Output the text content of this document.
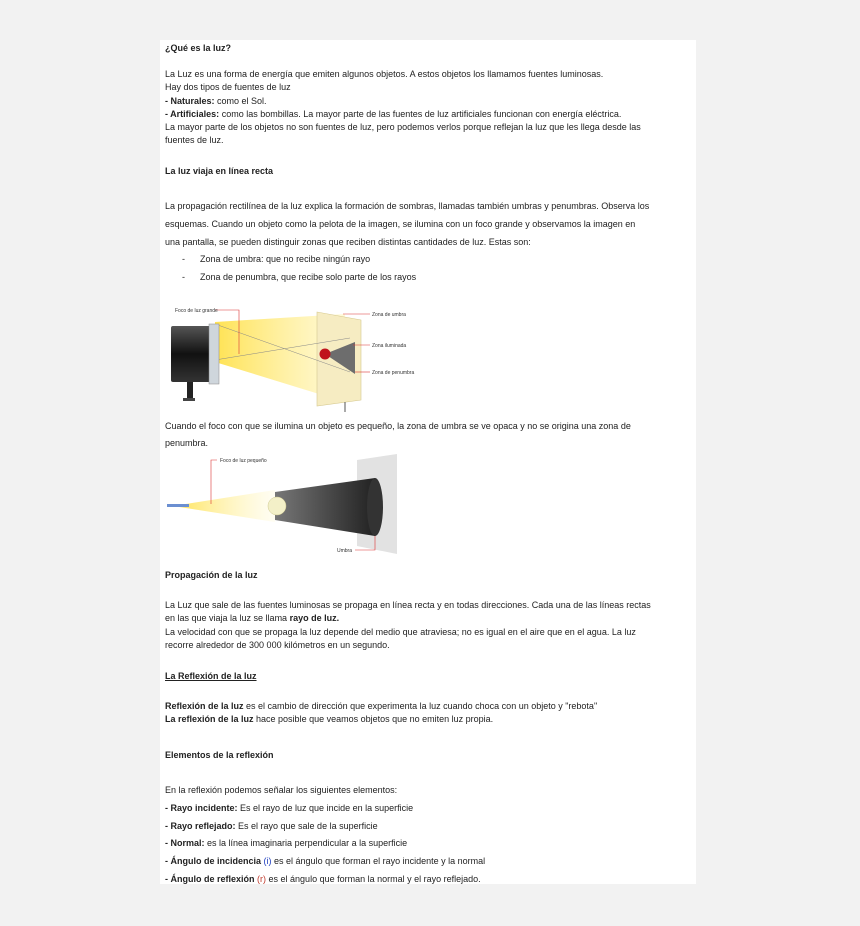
¿Qué es la luz?
La Luz es una forma de energía que emiten algunos objetos. A estos objetos los llamamos fuentes luminosas.
Hay dos tipos de fuentes de luz
- Naturales: como el Sol.
- Artificiales: como las bombillas. La mayor parte de las fuentes de luz artificiales funcionan con energía eléctrica.
La mayor parte de los objetos no son fuentes de luz, pero podemos verlos porque reflejan la luz que les llega desde las
fuentes de luz.
La luz viaja en línea recta
La propagación rectilínea de la luz explica la formación de sombras, llamadas también umbras y penumbras. Observa los
esquemas. Cuando un objeto como la pelota de la imagen, se ilumina con un foco grande y observamos la imagen en
una pantalla, se pueden distinguir zonas que reciben distintas cantidades de luz. Estas son:
- Zona de umbra: que no recibe ningún rayo
- Zona de penumbra, que recibe solo parte de los rayos
Foco de luz grande
Zona de umbra
Zona iluminada
Zona de penumbra
Cuando el foco con que se ilumina un objeto es pequeño, la zona de umbra se ve opaca y no se origina una zona de
penumbra.
Foco de luz pequeño
Umbra
Propagación de la luz
La Luz que sale de las fuentes luminosas se propaga en línea recta y en todas direcciones. Cada una de las líneas rectas
en las que viaja la luz se llama rayo de luz.
La velocidad con que se propaga la luz depende del medio que atraviesa; no es igual en el aire que en el agua. La luz
recorre alrededor de 300 000 kilómetros en un segundo.
La Reflexión de la luz
Reflexión de la luz es el cambio de dirección que experimenta la luz cuando choca con un objeto y "rebota"
La reflexión de la luz hace posible que veamos objetos que no emiten luz propia.
Elementos de la reflexión
En la reflexión podemos señalar los siguientes elementos:
- Rayo incidente: Es el rayo de luz que incide en la superficie
- Rayo reflejado: Es el rayo que sale de la superficie
- Normal: es la línea imaginaria perpendicular a la superficie
- Ángulo de incidencia (i) es el ángulo que forman el rayo incidente y la normal
- Ángulo de reflexión (r) es el ángulo que forman la normal y el rayo reflejado.
